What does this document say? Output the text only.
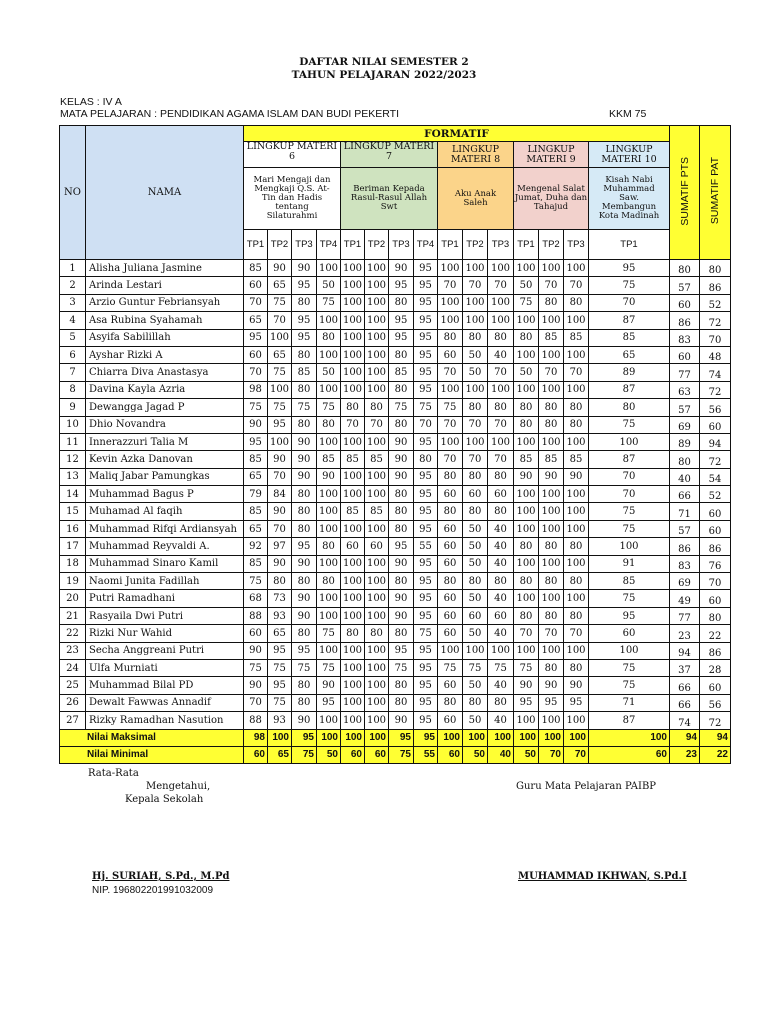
DAFTAR NILAI SEMESTER 2
TAHUN PELAJARAN 2022/2023
KELAS : IV A
MATA PELAJARAN : PENDIDIKAN AGAMA ISLAM DAN BUDI PEKERTI	KKM 75
NO	NAMA	FORMATIF															SUMATIF PTS	SUMATIF PAT
		LINGKUP MATERI 6				LINGKUP MATERI 7				LINGKUP MATERI 8			LINGKUP MATERI 9			LINGKUP MATERI 10		
		Mari Mengaji dan Mengkaji Q.S. At-Tin dan Hadis tentang Silaturahmi				Beriman Kepada Rasul-Rasul Allah Swt				Aku Anak Saleh			Mengenal Salat Jumat, Duha dan Tahajud			Kisah Nabi Muhammad Saw. Membangun Kota Madinah		
		TP1	TP2	TP3	TP4	TP1	TP2	TP3	TP4	TP1	TP2	TP3	TP1	TP2	TP3	TP1		
1	Alisha Juliana Jasmine	85	90	90	100	100	100	90	95	100	100	100	100	100	100	95	80	80
2	Arinda Lestari	60	65	95	50	100	100	95	95	70	70	70	50	70	70	75	57	86
3	Arzio Guntur Febriansyah	70	75	80	75	100	100	80	95	100	100	100	75	80	80	70	60	52
4	Asa Rubina Syahamah	65	70	95	100	100	100	95	95	100	100	100	100	100	100	87	86	72
5	Asyifa Sabilillah	95	100	95	80	100	100	95	95	80	80	80	80	85	85	85	83	70
6	Ayshar Rizki A	60	65	80	100	100	100	80	95	60	50	40	100	100	100	65	60	48
7	Chiarra Diva Anastasya	70	75	85	50	100	100	85	95	70	50	70	50	70	70	89	77	74
8	Davina Kayla Azria	98	100	80	100	100	100	80	95	100	100	100	100	100	100	87	63	72
9	Dewangga Jagad P	75	75	75	75	80	80	75	75	75	80	80	80	80	80	80	57	56
10	Dhio Novandra	90	95	80	80	70	70	80	70	70	70	70	80	80	80	75	69	60
11	Innerazzuri Talia M	95	100	90	100	100	100	90	95	100	100	100	100	100	100	100	89	94
12	Kevin Azka Danovan	85	90	90	85	85	85	90	80	70	70	70	85	85	85	87	80	72
13	Maliq Jabar Pamungkas	65	70	90	90	100	100	90	95	80	80	80	90	90	90	70	40	54
14	Muhammad Bagus P	79	84	80	100	100	100	80	95	60	60	60	100	100	100	70	66	52
15	Muhamad Al faqih	85	90	80	100	85	85	80	95	80	80	80	100	100	100	75	71	60
16	Muhammad Rifqi Ardiansyah	65	70	80	100	100	100	80	95	60	50	40	100	100	100	75	57	60
17	Muhammad Reyvaldi A.	92	97	95	80	60	60	95	55	60	50	40	80	80	80	100	86	86
18	Muhammad Sinaro Kamil	85	90	90	100	100	100	90	95	60	50	40	100	100	100	91	83	76
19	Naomi Junita Fadillah	75	80	80	80	100	100	80	95	80	80	80	80	80	80	85	69	70
20	Putri Ramadhani	68	73	90	100	100	100	90	95	60	50	40	100	100	100	75	49	60
21	Rasyaila Dwi Putri	88	93	90	100	100	100	90	95	60	60	60	80	80	80	95	77	80
22	Rizki Nur Wahid	60	65	80	75	80	80	80	75	60	50	40	70	70	70	60	23	22
23	Secha Anggreani Putri	90	95	95	100	100	100	95	95	100	100	100	100	100	100	100	94	86
24	Ulfa Murniati	75	75	75	75	100	100	75	95	75	75	75	75	80	80	75	37	28
25	Muhammad Bilal PD	90	95	80	90	100	100	80	95	60	50	40	90	90	90	75	66	60
26	Dewalt Fawwas Annadif	70	75	80	95	100	100	80	95	80	80	80	95	95	95	71	66	56
27	Rizky Ramadhan Nasution	88	93	90	100	100	100	90	95	60	50	40	100	100	100	87	74	72
Nilai Maksimal		98	100	95	100	100	100	95	95	100	100	100	100	100	100	100	94	94
Nilai Minimal		60	65	75	50	60	60	75	55	60	50	40	50	70	70	60	23	22
Rata-Rata
Mengetahui,
Kepala Sekolah
Guru Mata Pelajaran PAIBP
Hj. SURIAH, S.Pd., M.Pd
NIP. 196802201991032009
MUHAMMAD IKHWAN, S.Pd.I
